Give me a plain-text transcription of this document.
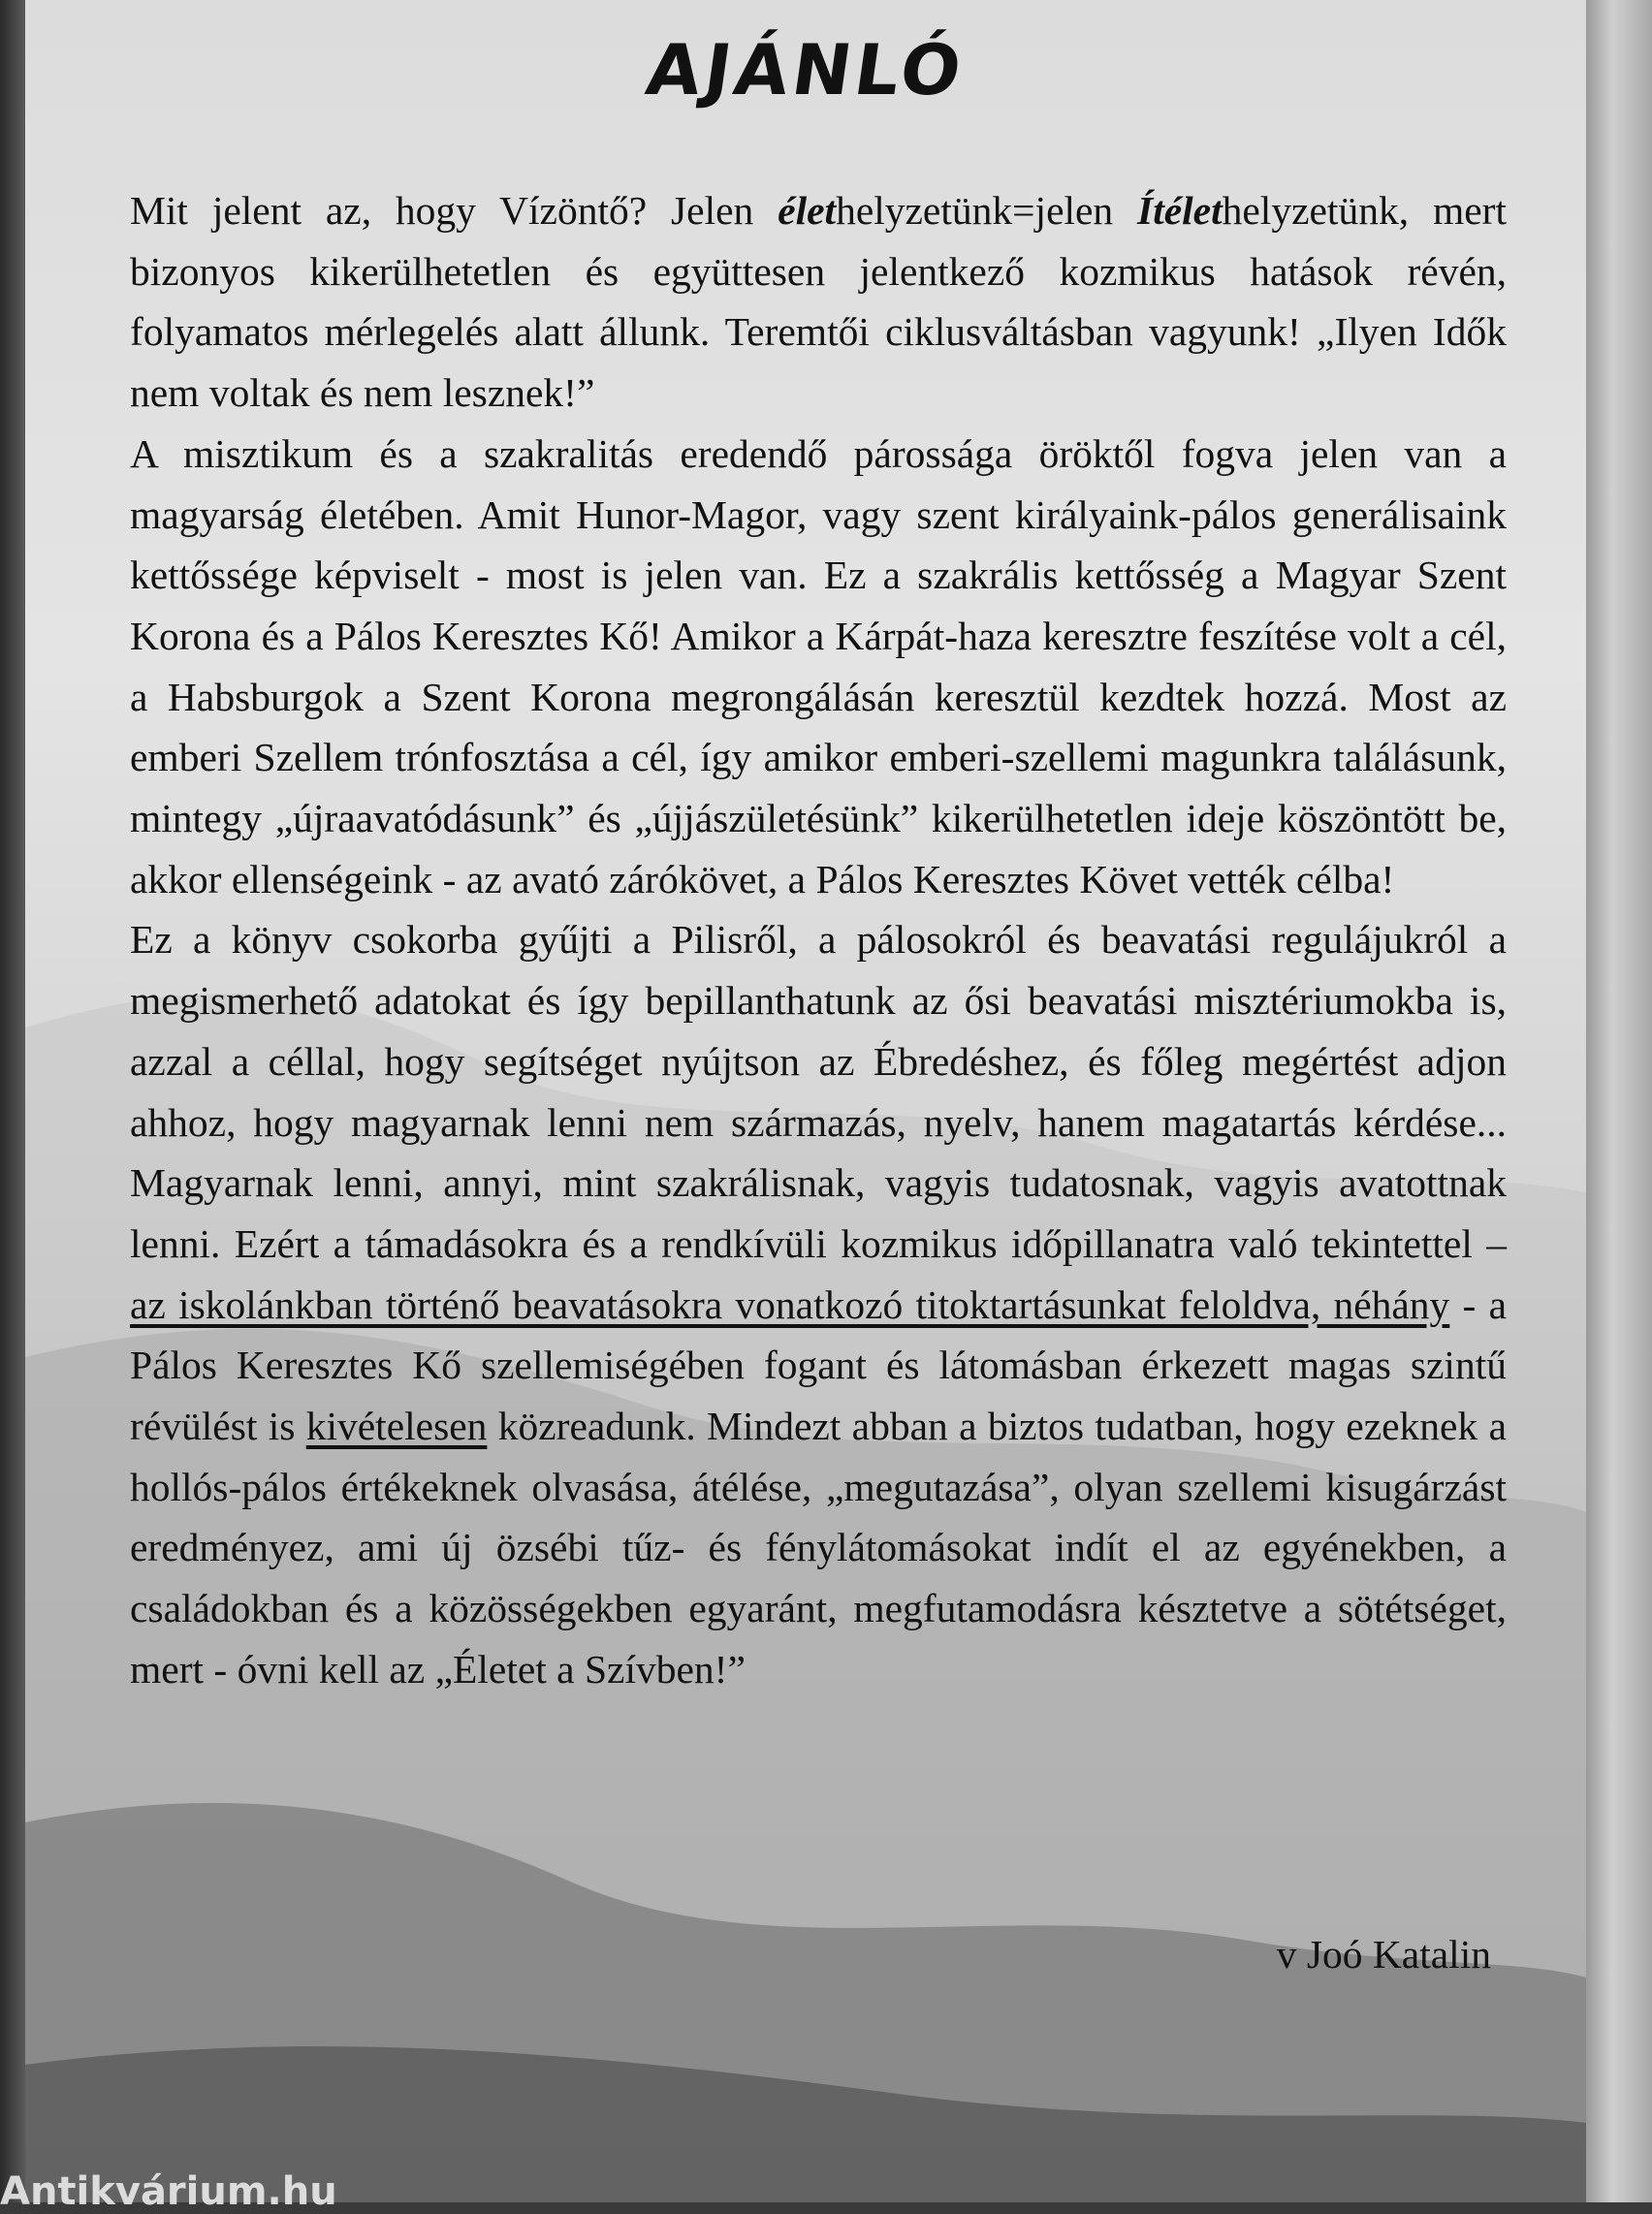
AJÁNLÓ

Mit jelent az, hogy Vízöntő? Jelen élethelyzetünk=jelen Ítélethelyzetünk, mert bizonyos kikerülhetetlen és együttesen jelentkező kozmikus hatások révén, folyamatos mérlegelés alatt állunk. Teremtői ciklusváltásban vagyunk! „Ilyen Idők nem voltak és nem lesznek!”

A misztikum és a szakralitás eredendő párossága öröktől fogva jelen van a magyarság életében. Amit Hunor-Magor, vagy szent királyaink-pálos generálisaink kettőssége képviselt - most is jelen van. Ez a szakrális kettősség a Magyar Szent Korona és a Pálos Keresztes Kő! Amikor a Kárpát-haza keresztre feszítése volt a cél, a Habsburgok a Szent Korona megrongálásán keresztül kezdtek hozzá. Most az emberi Szellem trónfosztása a cél, így amikor emberi-szellemi magunkra találásunk, mintegy „újraavatódásunk” és „újjászületésünk” kikerülhetetlen ideje köszöntött be, akkor ellenségeink - az avató zárókövet, a Pálos Keresztes Követ vették célba!

Ez a könyv csokorba gyűjti a Pilisről, a pálosokról és beavatási regulájukról a megismerhető adatokat és így bepillanthatunk az ősi beavatási misztériumokba is, azzal a céllal, hogy segítséget nyújtson az Ébredéshez, és főleg megértést adjon ahhoz, hogy magyarnak lenni nem származás, nyelv, hanem magatartás kérdése... Magyarnak lenni, annyi, mint szakrálisnak, vagyis tudatosnak, vagyis avatottnak lenni. Ezért a támadásokra és a rendkívüli kozmikus időpillanatra való tekintettel – az iskolánkban történő beavatásokra vonatkozó titoktartásunkat feloldva, néhány - a Pálos Keresztes Kő szellemiségében fogant és látomásban érkezett magas szintű révülést is kivételesen közreadunk. Mindezt abban a biztos tudatban, hogy ezeknek a hollós-pálos értékeknek olvasása, átélése, „megutazása”, olyan szellemi kisugárzást eredményez, ami új özsébi tűz- és fénylátomásokat indít el az egyénekben, a családokban és a közösségekben egyaránt, megfutamodásra késztetve a sötétséget, mert - óvni kell az „Életet a Szívben!”

v Joó Katalin
Antikvárium.hu
